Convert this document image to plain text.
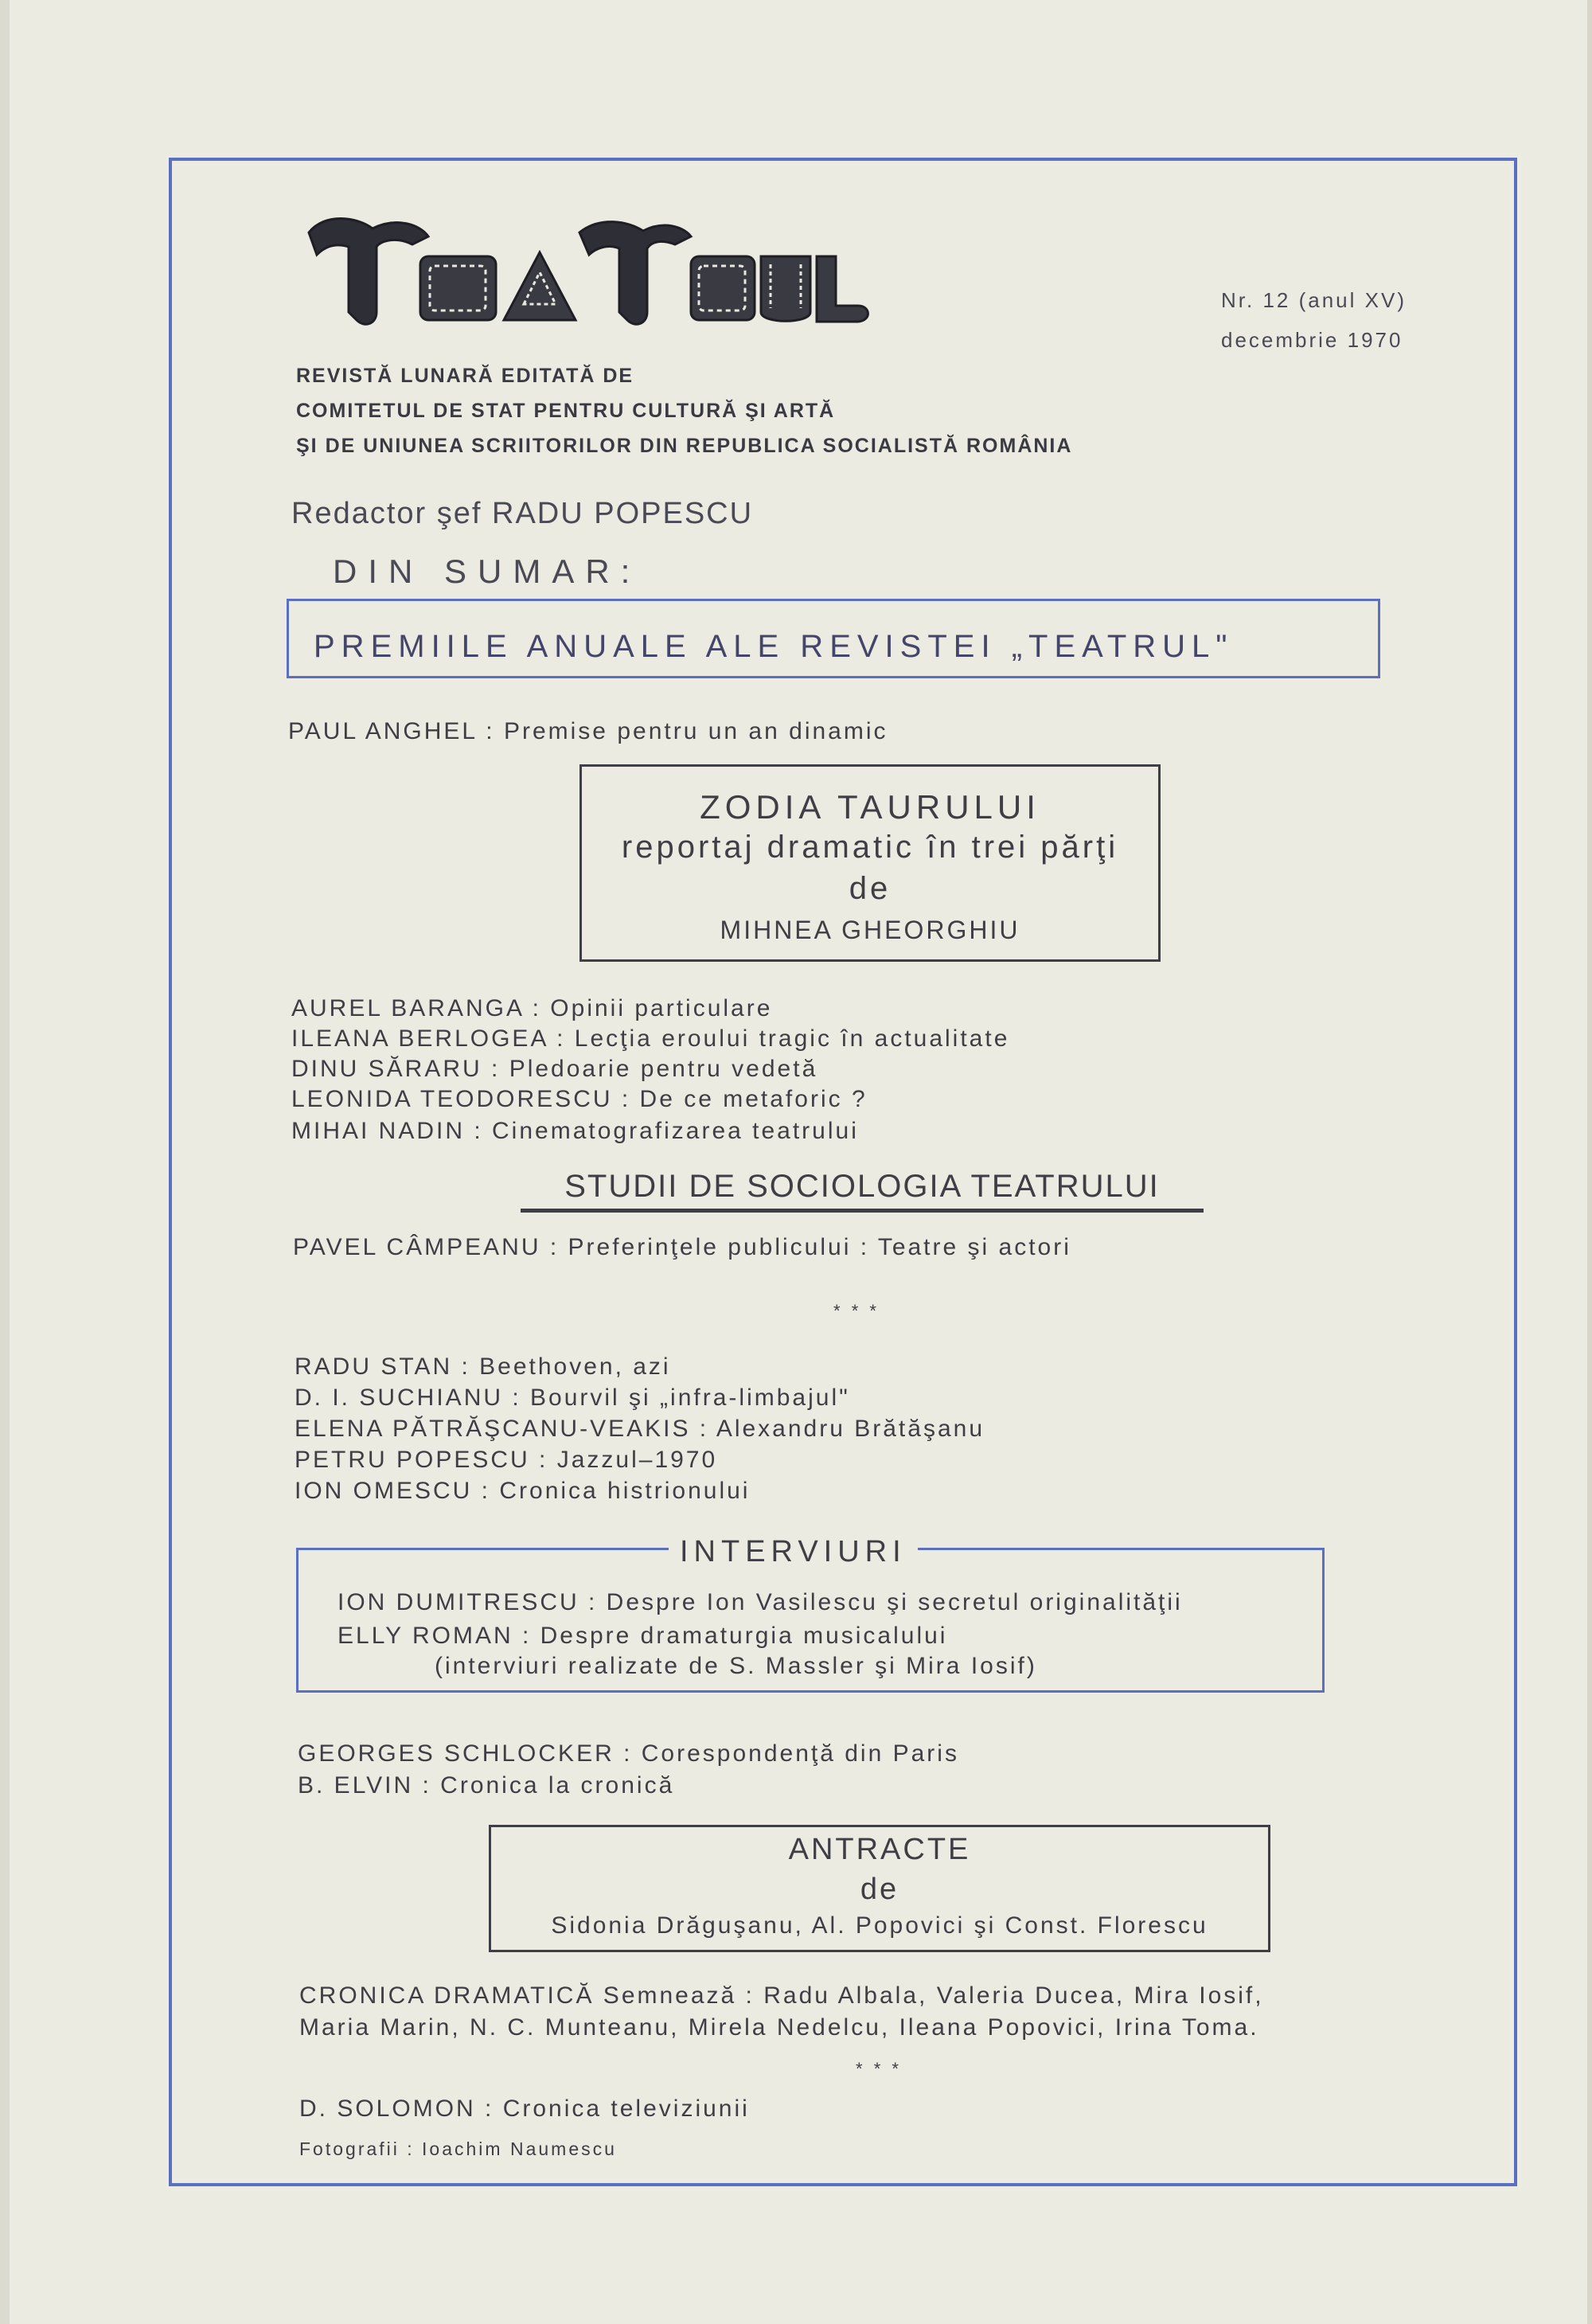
Nr. 12 (anul XV)
decembrie 1970
REVISTĂ LUNARĂ EDITATĂ DE
COMITETUL DE STAT PENTRU CULTURĂ ŞI ARTĂ
ŞI DE UNIUNEA SCRIITORILOR DIN REPUBLICA SOCIALISTĂ ROMÂNIA
Redactor şef RADU POPESCU
DIN SUMAR:
PREMIILE ANUALE ALE REVISTEI „TEATRUL"
PAUL ANGHEL : Premise pentru un an dinamic
ZODIA TAURULUI
reportaj dramatic în trei părţi
de
MIHNEA GHEORGHIU
AUREL BARANGA : Opinii particulare
ILEANA BERLOGEA : Lecţia eroului tragic în actualitate
DINU SĂRARU : Pledoarie pentru vedetă
LEONIDA TEODORESCU : De ce metaforic ?
MIHAI NADIN : Cinematografizarea teatrului
STUDII DE SOCIOLOGIA TEATRULUI
PAVEL CÂMPEANU : Preferinţele publicului : Teatre şi actori
* * *
RADU STAN : Beethoven, azi
D. I. SUCHIANU : Bourvil şi „infra-limbajul"
ELENA PĂTRĂŞCANU-VEAKIS : Alexandru Brătăşanu
PETRU POPESCU : Jazzul–1970
ION OMESCU : Cronica histrionului
INTERVIURI
ION DUMITRESCU : Despre Ion Vasilescu şi secretul originalităţii
ELLY ROMAN : Despre dramaturgia musicalului
(interviuri realizate de S. Massler şi Mira Iosif)
GEORGES SCHLOCKER : Corespondenţă din Paris
B. ELVIN : Cronica la cronică
ANTRACTE
de
Sidonia Drăguşanu, Al. Popovici şi Const. Florescu
CRONICA DRAMATICĂ Semnează : Radu Albala, Valeria Ducea, Mira Iosif,
Maria Marin, N. C. Munteanu, Mirela Nedelcu, Ileana Popovici, Irina Toma.
* * *
D. SOLOMON : Cronica televiziunii
Fotografii : Ioachim Naumescu
